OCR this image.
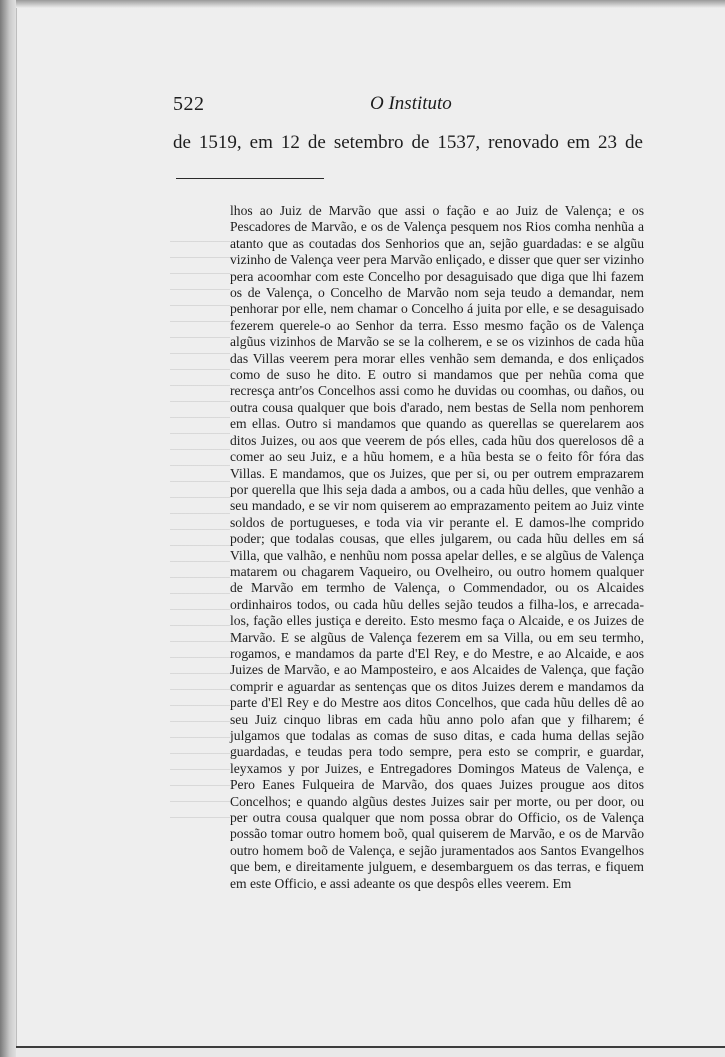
522	O Instituto
de 1519, em 12 de setembro de 1537, renovado em 23 de
lhos ao Juiz de Marvão que assi o fação e ao Juiz de Valença; e os Pescadores de Marvão, e os de Valença pesquem nos Rios comha nenhũa a atanto que as coutadas dos Senhorios que an, sejão guardadas: e se algũu vizinho de Valença veer pera Marvão enliçado, e disser que quer ser vizinho pera acoomhar com este Concelho por desaguisado que diga que lhi fazem os de Valença, o Concelho de Marvão nom seja teudo a demandar, nem penhorar por elle, nem chamar o Concelho á juita por elle, e se desaguisado fezerem querele-o ao Senhor da terra. Esso mesmo fação os de Valença algũus vizinhos de Marvão se se la colherem, e se os vizinhos de cada hũa das Villas veerem pera morar elles venhão sem demanda, e dos enliçados como de suso he dito. E outro si mandamos que per nehũa coma que recresça antr'os Concelhos assi como he duvidas ou coomhas, ou daños, ou outra cousa qualquer que bois d'arado, nem bestas de Sella nom penhorem em ellas. Outro si mandamos que quando as querellas se querelarem aos ditos Juizes, ou aos que veerem de pós elles, cada hũu dos querelosos dê a comer ao seu Juiz, e a hũu homem, e a hũa besta se o feito fôr fóra das Villas. E mandamos, que os Juizes, que per si, ou per outrem emprazarem por querella que lhis seja dada a ambos, ou a cada hũu delles, que venhão a seu mandado, e se vir nom quiserem ao emprazamento peitem ao Juiz vinte soldos de portugueses, e toda via vir perante el. E damos-lhe comprido poder; que todalas cousas, que elles julgarem, ou cada hũu delles em sá Villa, que valhão, e nenhũu nom possa apelar delles, e se algũus de Valença matarem ou chagarem Vaqueiro, ou Ovelheiro, ou outro homem qualquer de Marvão em termho de Valença, o Commendador, ou os Alcaides ordinhairos todos, ou cada hũu delles sejão teudos a filha-los, e arrecada-los, fação elles justiça e dereito. Esto mesmo faça o Alcaide, e os Juizes de Marvão. E se algũus de Valença fezerem em sa Villa, ou em seu termho, rogamos, e mandamos da parte d'El Rey, e do Mestre, e ao Alcaide, e aos Juizes de Marvão, e ao Mamposteiro, e aos Alcaides de Valença, que fação comprir e aguardar as sentenças que os ditos Juizes derem e mandamos da parte d'El Rey e do Mestre aos ditos Concelhos, que cada hũu delles dê ao seu Juiz cinquo libras em cada hũu anno polo afan que y filharem; é julgamos que todalas as comas de suso ditas, e cada huma dellas sejão guardadas, e teudas pera todo sempre, pera esto se comprir, e guardar, leyxamos y por Juizes, e Entregadores Domingos Mateus de Valença, e Pero Eanes Fulqueira de Marvão, dos quaes Juizes prougue aos ditos Concelhos; e quando algũus destes Juizes sair per morte, ou per door, ou per outra cousa qualquer que nom possa obrar do Officio, os de Valença possão tomar outro homem boõ, qual quiserem de Marvão, e os de Marvão outro homem boõ de Valença, e sejão juramentados aos Santos Evangelhos que bem, e direitamente julguem, e desembarguem os das terras, e fiquem em este Officio, e assi adeante os que despôs elles veerem. Em
